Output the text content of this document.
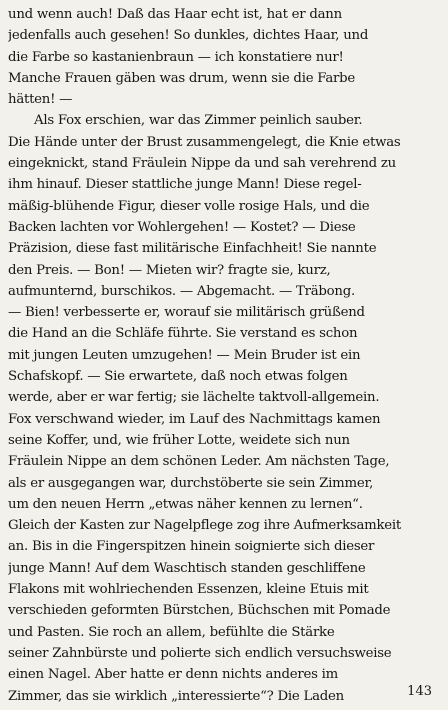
und wenn auch! Daß das Haar echt ist, hat er dann
jedenfalls auch gesehen! So dunkles, dichtes Haar, und
die Farbe so kastanienbraun — ich konstatiere nur!
Manche Frauen gäben was drum, wenn sie die Farbe
hätten! —
Als Fox erschien, war das Zimmer peinlich sauber.
Die Hände unter der Brust zusammengelegt, die Knie etwas
eingeknickt, stand Fräulein Nippe da und sah verehrend zu
ihm hinauf. Dieser stattliche junge Mann! Diese regel-
mäßig-blühende Figur, dieser volle rosige Hals, und die
Backen lachten vor Wohlergehen! — Kostet? — Diese
Präzision, diese fast militärische Einfachheit! Sie nannte
den Preis. — Bon! — Mieten wir? fragte sie, kurz,
aufmunternd, burschikos. — Abgemacht. — Träbong.
— Bien! verbesserte er, worauf sie militärisch grüßend
die Hand an die Schläfe führte. Sie verstand es schon
mit jungen Leuten umzugehen! — Mein Bruder ist ein
Schafskopf. — Sie erwartete, daß noch etwas folgen
werde, aber er war fertig; sie lächelte taktvoll-allgemein.
Fox verschwand wieder, im Lauf des Nachmittags kamen
seine Koffer, und, wie früher Lotte, weidete sich nun
Fräulein Nippe an dem schönen Leder. Am nächsten Tage,
als er ausgegangen war, durchstöberte sie sein Zimmer,
um den neuen Herrn „etwas näher kennen zu lernen“.
Gleich der Kasten zur Nagelpflege zog ihre Aufmerksamkeit
an. Bis in die Fingerspitzen hinein soignierte sich dieser
junge Mann! Auf dem Waschtisch standen geschliffene
Flakons mit wohlriechenden Essenzen, kleine Etuis mit
verschieden geformten Bürstchen, Büchschen mit Pomade
und Pasten. Sie roch an allem, befühlte die Stärke
seiner Zahnbürste und polierte sich endlich versuchsweise
einen Nagel. Aber hatte er denn nichts anderes im
Zimmer, das sie wirklich „interessierte“? Die Laden	143
